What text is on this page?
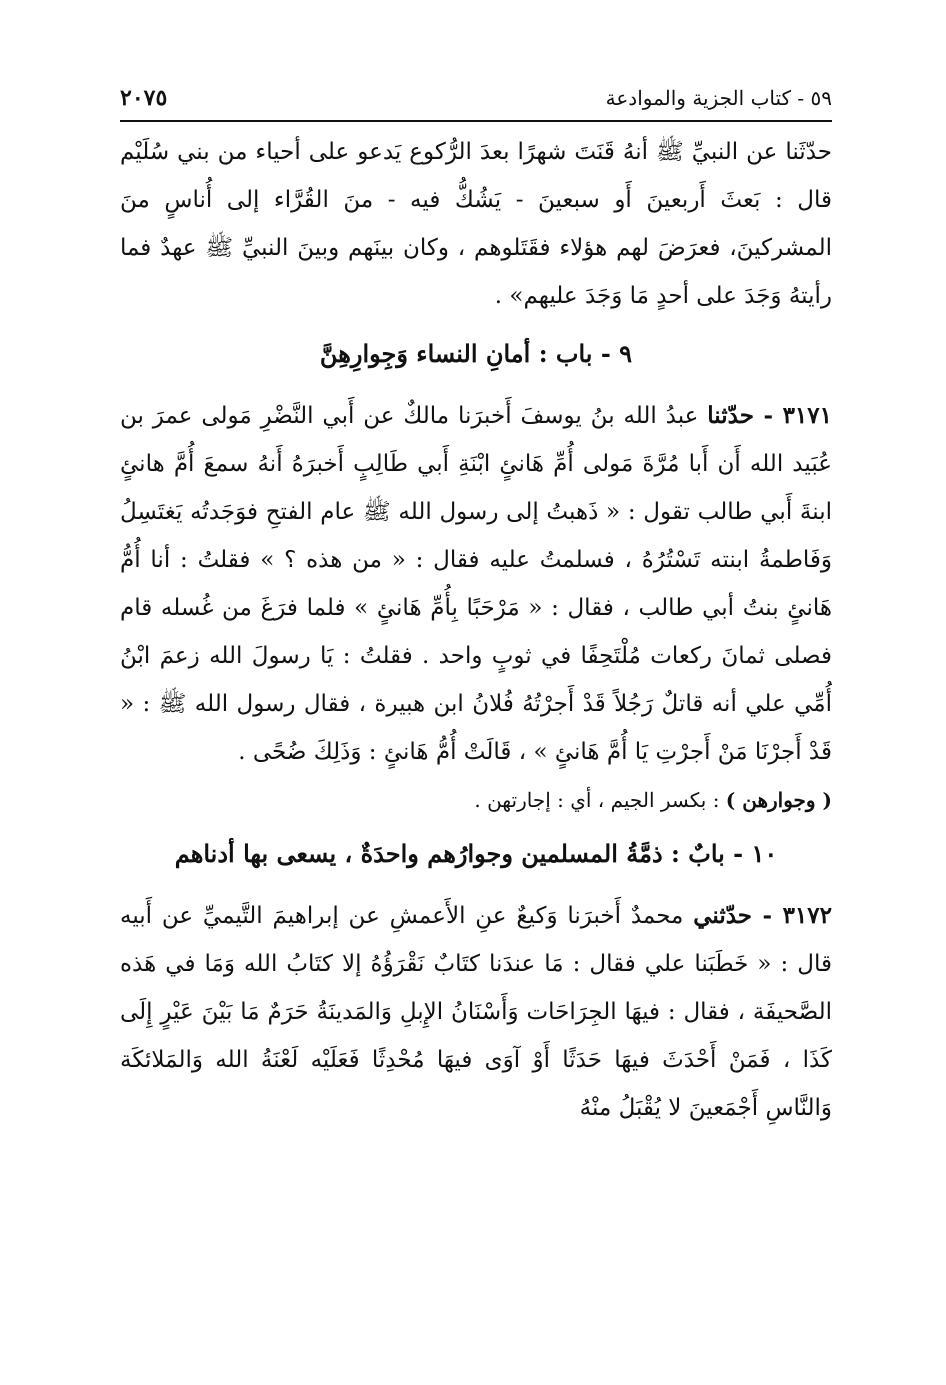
٥٩ - كتاب الجزية والموادعة
٢٠٧٥

حدّثَنا عن النبيِّ ﷺ أنهُ قَنَتَ شهرًا بعدَ الرُّكوع يَدعو على أحياء من بني سُلَيْم قال : بَعثَ أَربعينَ أَو سبعينَ - يَشُكُّ فيه - منَ القُرَّاء إلى أُناسٍ منَ المشركينَ، فعرَضَ لهم هؤلاء فقَتَلوهم ، وكان بينَهم وبينَ النبيِّ ﷺ عهدٌ فما رأيتهُ وَجَدَ على أحدٍ مَا وَجَدَ عليهم» .

٩ - باب : أمانِ النساء وَجِوارِهِنَّ

٣١٧١ - حدّثنا عبدُ الله بنُ يوسفَ أَخبرَنا مالكٌ عن أَبي النَّضْرِ مَولى عمرَ بن عُبَيد الله أَن أَبا مُرَّةَ مَولى أُمِّ هَانئٍ ابْنَةِ أَبي طَالِبٍ أَخبرَهُ أَنهُ سمعَ أُمَّ هانئٍ ابنةَ أَبي طالب تقول : « ذَهبتُ إلى رسول الله ﷺ عام الفتحِ فوَجَدتُه يَغتَسِلُ وَفَاطمةُ ابنته تَسْتُرُهُ ، فسلمتُ عليه فقال : « من هذه ؟ » فقلتُ : أنا أُمُّ هَانئٍ بنتُ أبي طالب ، فقال : « مَرْحَبًا بِأُمِّ هَانئٍ » فلما فرَغَ من غُسله قام فصلى ثمانَ ركعات مُلْتَحِفًا في ثوبٍ واحد . فقلتُ : يَا رسولَ الله زعمَ ابْنُ أُمِّي علي أنه قاتلٌ رَجُلاً قَدْ أَجرْتُهُ فُلانُ ابن هبيرة ، فقال رسول الله ﷺ : « قَدْ أَجرْنَا مَنْ أَجرْتِ يَا أُمَّ هَانئٍ » ، قَالَتْ أُمُّ هَانئٍ : وَذَلِكَ ضُحًى .

( وجوارهن ) : بكسر الجيم ، أي : إجارتهن .
١٠ - بابٌ : ذمَّةُ المسلمين وجوارُهم واحدَةٌ ، يسعى بها أدناهم

٣١٧٢ - حدّثني محمدٌ أَخبرَنا وَكيعٌ عنِ الأَعمشِ عن إبراهيمَ التَّيميِّ عن أَبيه قال : « خَطَبَنا علي فقال : مَا عندَنا كتَابٌ نَقْرَؤُهُ إلا كتَابُ الله وَمَا في هَذه الصَّحيفَة ، فقال : فيهَا الجِرَاحَات وَأَسْنَانُ الإِبلِ وَالمَدينَةُ حَرَمٌ مَا بَيْنَ عَيْرٍ إِلَى كَذَا ، فَمَنْ أَحْدَثَ فيهَا حَدَثًا أَوْ آوَى فيهَا مُحْدِثًا فَعَلَيْه لَعْنَةُ الله وَالمَلائكَة وَالنَّاسِ أَجْمَعينَ لا يُقْبَلُ منْهُ
